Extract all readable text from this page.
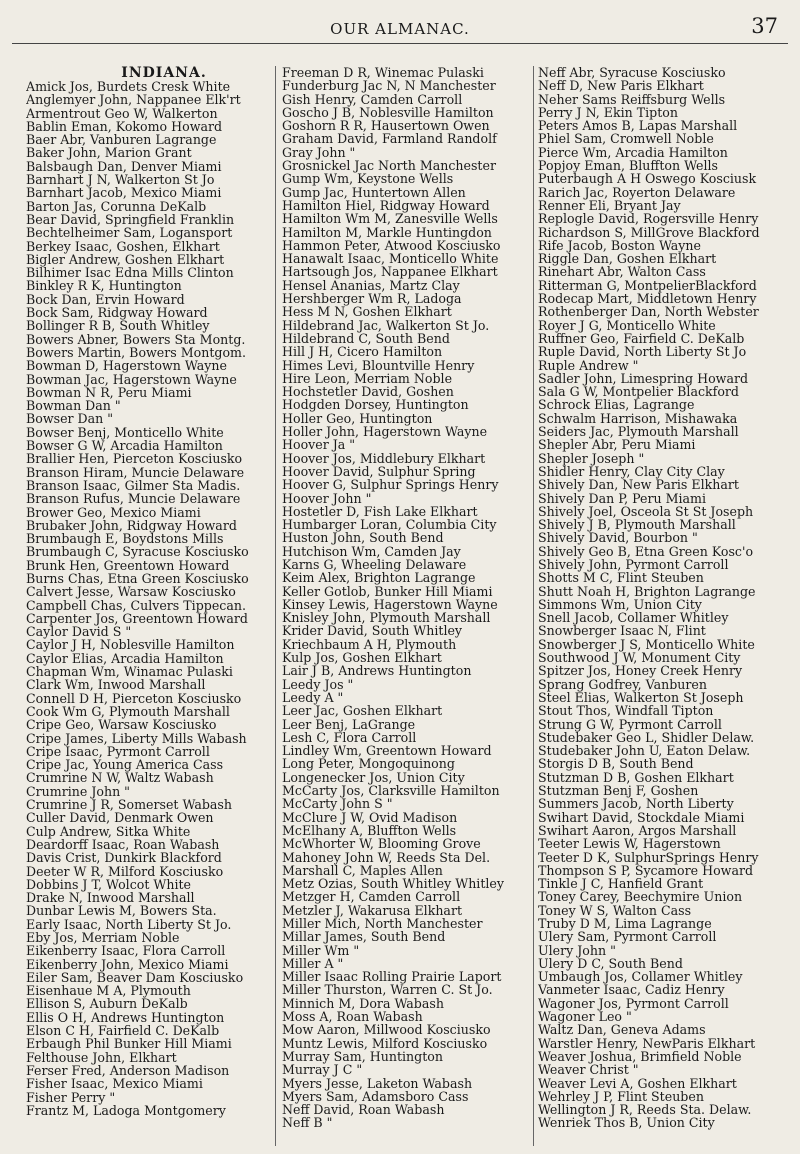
OUR ALMANAC.	37
INDIANA.
Amick Jos, Burdets Cresk White
Anglemyer John, Nappanee Elk'rt
Armentrout Geo W, Walkerton
Bablin Eman, Kokomo Howard
Baer Abr, Vanburen Lagrange
Baker John, Marion Grant
Balsbaugh Dan, Denver Miami
Barnhart J N, Walkerton St Jo
Barnhart Jacob, Mexico Miami
Barton Jas, Corunna DeKalb
Bear David, Springfield Franklin
Bechtelheimer Sam, Logansport
Berkey Isaac, Goshen, Elkhart
Bigler Andrew, Goshen Elkhart
Bilhimer Isac Edna Mills Clinton
Binkley R K, Huntington
Bock Dan, Ervin Howard
Bock Sam, Ridgway Howard
Bollinger R B, South Whitley
Bowers Abner, Bowers Sta Montg.
Bowers Martin, Bowers Montgom.
Bowman D, Hagerstown Wayne
Bowman Jac, Hagerstown Wayne
Bowman N R, Peru Miami
Bowman Dan "
Bowser Dan "
Bowser Benj, Monticello White
Bowser G W, Arcadia Hamilton
Brallier Hen, Pierceton Kosciusko
Branson Hiram, Muncie Delaware
Branson Isaac, Gilmer Sta Madis.
Branson Rufus, Muncie Delaware
Brower Geo, Mexico Miami
Brubaker John, Ridgway Howard
Brumbaugh E, Boydstons Mills
Brumbaugh C, Syracuse Kosciusko
Brunk Hen, Greentown Howard
Burns Chas, Etna Green Kosciusko
Calvert Jesse, Warsaw Kosciusko
Campbell Chas, Culvers Tippecan.
Carpenter Jos, Greentown Howard
Caylor David S "
Caylor J H, Noblesville Hamilton
Caylor Elias, Arcadia Hamilton
Chapman Wm, Winamac Pulaski
Clark Wm, Inwood Marshall
Connell D H, Pierceton Kosciusko
Cook Wm G, Plymouth Marshall
Cripe Geo, Warsaw Kosciusko
Cripe James, Liberty Mills Wabash
Cripe Isaac, Pyrmont Carroll
Cripe Jac, Young America Cass
Crumrine N W, Waltz Wabash
Crumrine John "
Crumrine J R, Somerset Wabash
Culler David, Denmark Owen
Culp Andrew, Sitka White
Deardorff Isaac, Roan Wabash
Davis Crist, Dunkirk Blackford
Deeter W R, Milford Kosciusko
Dobbins J T, Wolcot White
Drake N, Inwood Marshall
Dunbar Lewis M, Bowers Sta.
Early Isaac, North Liberty St Jo.
Eby Jos, Merriam Noble
Eikenberry Isaac, Flora Carroll
Eikenberry John, Mexico Miami
Eiler Sam, Beaver Dam Kosciusko
Eisenhaue M A, Plymouth
Ellison S, Auburn DeKalb
Ellis O H, Andrews Huntington
Elson C H, Fairfield C. DeKalb
Erbaugh Phil Bunker Hill Miami
Felthouse John, Elkhart
Ferser Fred, Anderson Madison
Fisher Isaac, Mexico Miami
Fisher Perry "
Frantz M, Ladoga Montgomery
Freeman D R, Winemac Pulaski
Funderburg Jac N, N Manchester
Gish Henry, Camden Carroll
Goscho J B, Noblesville Hamilton
Goshorn R R, Hausertown Owen
Graham David, Farmland Randolf
Gray John "
Grosnickel Jac North Manchester
Gump Wm, Keystone Wells
Gump Jac, Huntertown Allen
Hamilton Hiel, Ridgway Howard
Hamilton Wm M, Zanesville Wells
Hamilton M, Markle Huntingdon
Hammon Peter, Atwood Kosciusko
Hanawalt Isaac, Monticello White
Hartsough Jos, Nappanee Elkhart
Hensel Ananias, Martz Clay
Hershberger Wm R, Ladoga
Hess M N, Goshen Elkhart
Hildebrand Jac, Walkerton St Jo.
Hildebrand C, South Bend
Hill J H, Cicero Hamilton
Himes Levi, Blountville Henry
Hire Leon, Merriam Noble
Hochstetler David, Goshen
Hodgden Dorsey, Huntington
Holler Geo, Huntington
Holler John, Hagerstown Wayne
Hoover Ja "
Hoover Jos, Middlebury Elkhart
Hoover David, Sulphur Spring
Hoover G, Sulphur Springs Henry
Hoover John "
Hostetler D, Fish Lake Elkhart
Humbarger Loran, Columbia City
Huston John, South Bend
Hutchison Wm, Camden Jay
Karns G, Wheeling Delaware
Keim Alex, Brighton Lagrange
Keller Gotlob, Bunker Hill Miami
Kinsey Lewis, Hagerstown Wayne
Knisley John, Plymouth Marshall
Krider David, South Whitley
Kriechbaum A H, Plymouth
Kulp Jos, Goshen Elkhart
Lair J B, Andrews Huntington
Leedy Jos "
Leedy A "
Leer Jac, Goshen Elkhart
Leer Benj, LaGrange
Lesh C, Flora Carroll
Lindley Wm, Greentown Howard
Long Peter, Mongoquinong
Longenecker Jos, Union City
McCarty Jos, Clarksville Hamilton
McCarty John S "
McClure J W, Ovid Madison
McElhany A, Bluffton Wells
McWhorter W, Blooming Grove
Mahoney John W, Reeds Sta Del.
Marshall C, Maples Allen
Metz Ozias, South Whitley Whitley
Metzger H, Camden Carroll
Metzler J, Wakarusa Elkhart
Miller Mich, North Manchester
Millar James, South Bend
Miller Wm "
Miller A "
Miller Isaac Rolling Prairie Laport
Miller Thurston, Warren C. St Jo.
Minnich M, Dora Wabash
Moss A, Roan Wabash
Mow Aaron, Millwood Kosciusko
Muntz Lewis, Milford Kosciusko
Murray Sam, Huntington
Murray J C "
Myers Jesse, Laketon Wabash
Myers Sam, Adamsboro Cass
Neff David, Roan Wabash
Neff B "
Neff Abr, Syracuse Kosciusko
Neff D, New Paris Elkhart
Neher Sams Reiffsburg Wells
Perry J N, Ekin Tipton
Peters Amos B, Lapas Marshall
Phiel Sam, Cromwell Noble
Pierce Wm, Arcadia Hamilton
Popjoy Eman, Bluffton Wells
Puterbaugh A H Oswego Kosciusk
Rarich Jac, Royerton Delaware
Renner Eli, Bryant Jay
Replogle David, Rogersville Henry
Richardson S, MillGrove Blackford
Rife Jacob, Boston Wayne
Riggle Dan, Goshen Elkhart
Rinehart Abr, Walton Cass
Ritterman G, MontpelierBlackford
Rodecap Mart, Middletown Henry
Rothenberger Dan, North Webster
Royer J G, Monticello White
Ruffner Geo, Fairfield C. DeKalb
Ruple David, North Liberty St Jo
Ruple Andrew "
Sadler John, Limespring Howard
Sala G W, Montpelier Blackford
Schrock Elias, Lagrange
Schwalm Harrison, Mishawaka
Seiders Jac, Plymouth Marshall
Shepler Abr, Peru Miami
Shepler Joseph "
Shidler Henry, Clay City Clay
Shively Dan, New Paris Elkhart
Shively Dan P, Peru Miami
Shively Joel, Osceola St St Joseph
Shively J B, Plymouth Marshall
Shively David, Bourbon "
Shively Geo B, Etna Green Kosc'o
Shively John, Pyrmont Carroll
Shotts M C, Flint Steuben
Shutt Noah H, Brighton Lagrange
Simmons Wm, Union City
Snell Jacob, Collamer Whitley
Snowberger Isaac N, Flint
Snowberger J S, Monticello White
Southwood J W, Monument City
Spitzer Jos, Honey Creek Henry
Sprang Godfrey, Vanburen
Steel Elias, Walkerton St Joseph
Stout Thos, Windfall Tipton
Strung G W, Pyrmont Carroll
Studebaker Geo L, Shidler Delaw.
Studebaker John U, Eaton Delaw.
Storgis D B, South Bend
Stutzman D B, Goshen Elkhart
Stutzman Benj F, Goshen
Summers Jacob, North Liberty
Swihart David, Stockdale Miami
Swihart Aaron, Argos Marshall
Teeter Lewis W, Hagerstown
Teeter D K, SulphurSprings Henry
Thompson S P, Sycamore Howard
Tinkle J C, Hanfield Grant
Toney Carey, Beechymire Union
Toney W S, Walton Cass
Truby D M, Lima Lagrange
Ulery Sam, Pyrmont Carroll
Ulery John "
Ulery D C, South Bend
Umbaugh Jos, Collamer Whitley
Vanmeter Isaac, Cadiz Henry
Wagoner Jos, Pyrmont Carroll
Wagoner Leo "
Waltz Dan, Geneva Adams
Warstler Henry, NewParis Elkhart
Weaver Joshua, Brimfield Noble
Weaver Christ "
Weaver Levi A, Goshen Elkhart
Wehrley J P, Flint Steuben
Wellington J R, Reeds Sta. Delaw.
Wenriek Thos B, Union City
